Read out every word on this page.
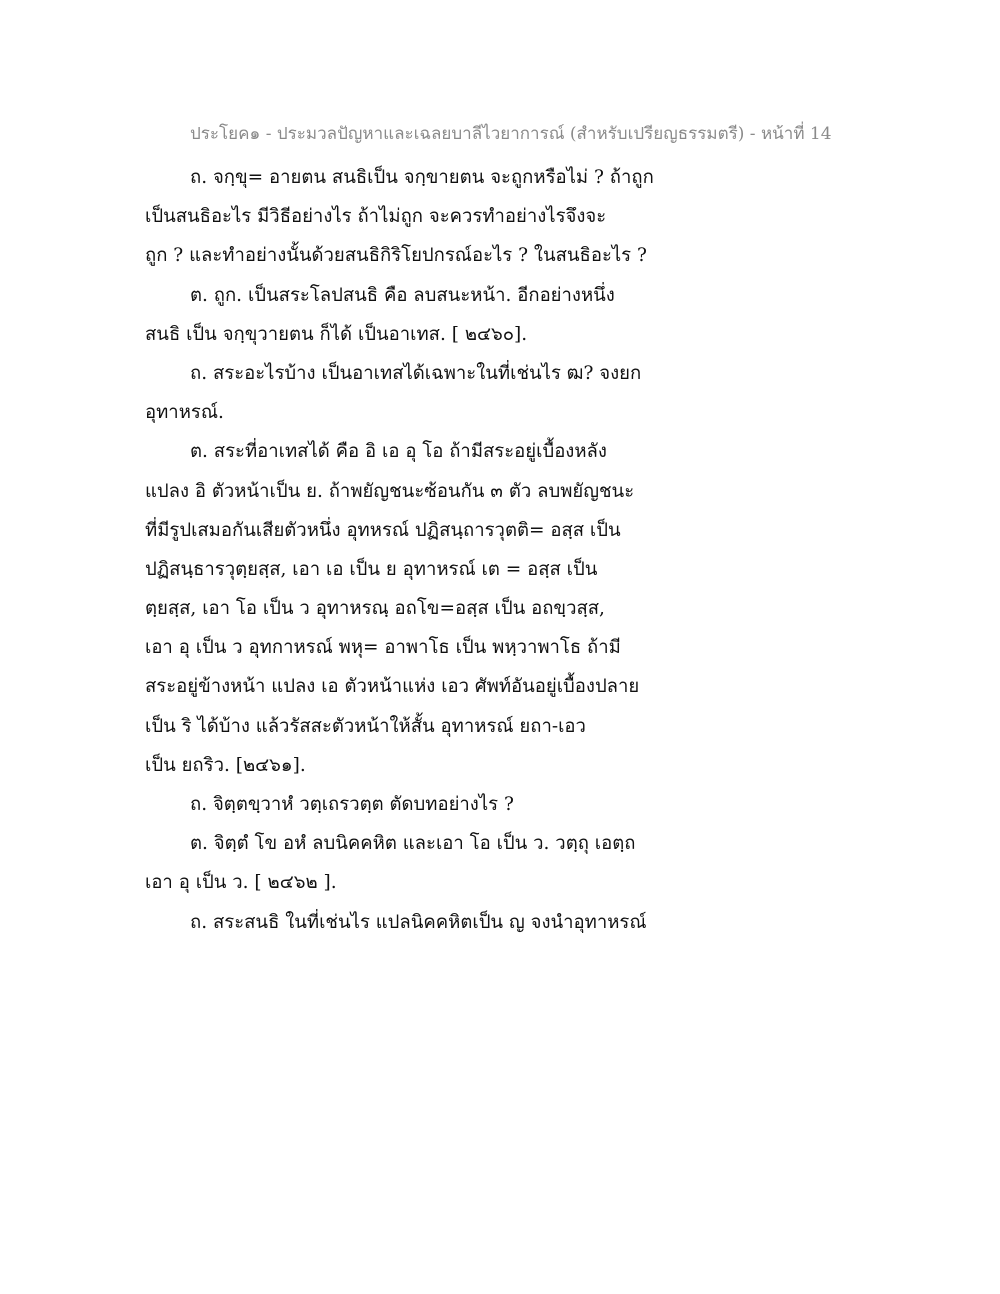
ประโยค๑ - ประมวลปัญหาและเฉลยบาลีไวยาการณ์ (สำหรับเปรียญธรรมตรี) - หน้าที่ 14
ถ. จกฺขุ= อายตน สนธิเป็น จกฺขายตน จะถูกหรือไม่ ? ถ้าถูก
เป็นสนธิอะไร มีวิธีอย่างไร ถ้าไม่ถูก จะควรทำอย่างไรจึงจะ
ถูก ? และทำอย่างนั้นด้วยสนธิกิริโยปกรณ์อะไร ? ในสนธิอะไร ?
ต. ถูก. เป็นสระโลปสนธิ คือ ลบสนะหน้า. อีกอย่างหนึ่ง
สนธิ เป็น จกฺขุวายตน ก็ได้ เป็นอาเทส. [ ๒๔๖๐].
ถ. สระอะไรบ้าง เป็นอาเทสได้เฉพาะในที่เช่นไร ฒ? จงยก
อุทาหรณ์.
ต. สระที่อาเทสได้ คือ อิ เอ อุ โอ ถ้ามีสระอยู่เบื้องหลัง
แปลง อิ ตัวหน้าเป็น ย. ถ้าพยัญชนะซ้อนกัน ๓ ตัว ลบพยัญชนะ
ที่มีรูปเสมอกันเสียตัวหนึ่ง อุทหรณ์ ปฏิสนฺถารวุตติ= อสฺส เป็น
ปฏิสนฺธารวุตฺยสฺส, เอา เอ เป็น ย อุทาหรณ์ เต = อสฺส เป็น
ตฺยสฺส, เอา โอ เป็น ว อุทาหรณฺ อถโข=อสฺส เป็น อถขฺวสฺส,
เอา อุ เป็น ว อุทกาหรณ์ พหุ= อาพาโธ เป็น พหฺวาพาโธ ถ้ามี
สระอยู่ข้างหน้า แปลง เอ ตัวหน้าแห่ง เอว ศัพท์อันอยู่เบื้องปลาย
เป็น ริ ได้บ้าง แล้วรัสสะตัวหน้าให้สั้น อุทาหรณ์ ยถา-เอว
เป็น ยถริว. [๒๔๖๑].
ถ. จิตฺตขฺวาหํ วตฺเถรวตฺต ตัดบทอย่างไร ?
ต. จิตฺตํ โข อหํ ลบนิคคหิต และเอา โอ เป็น ว. วตฺถุ เอตฺถ
เอา อุ เป็น ว. [ ๒๔๖๒ ].
ถ. สระสนธิ ในที่เช่นไร แปลนิคคหิตเป็น ญ จงนำอุทาหรณ์
